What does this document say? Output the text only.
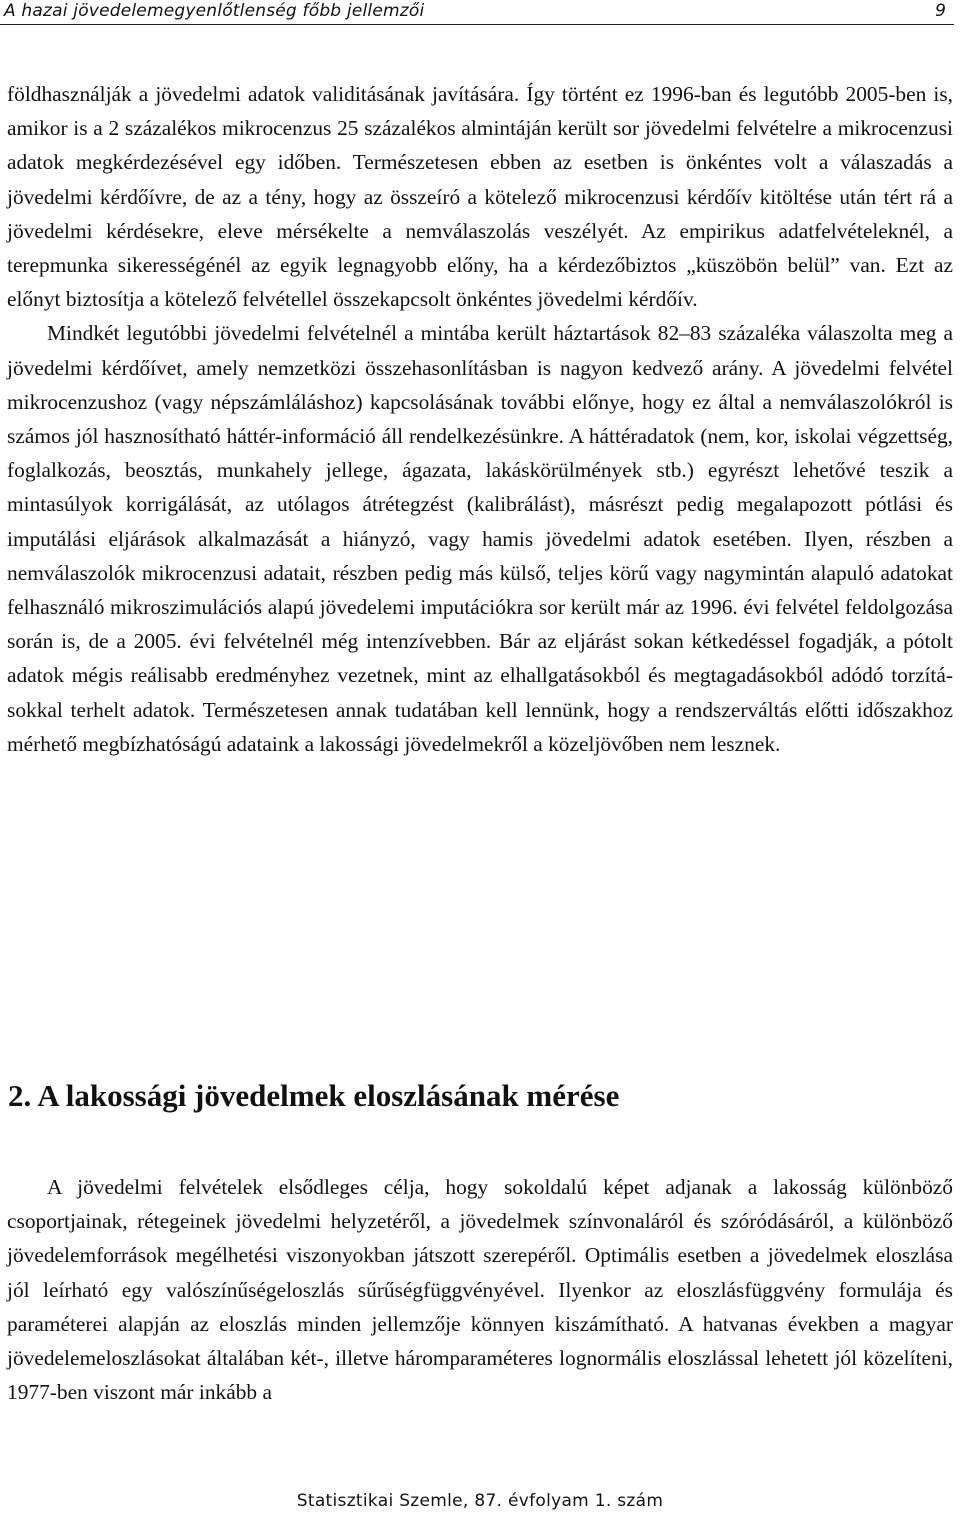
A hazai jövedelemegyenlőtlenség főbb jellemzői	9

földhasználják a jövedelmi adatok validitásának javítására. Így történt ez 1996-ban és legutóbb 2005-ben is, amikor is a 2 százalékos mikrocenzus 25 százalékos almintáján került sor jövedelmi felvételre a mikrocenzusi adatok megkérdezésével egy időben. Természetesen ebben az esetben is önkéntes volt a válaszadás a jövedelmi kérdőívre, de az a tény, hogy az összeíró a kötelező mikrocenzusi kérdőív kitöltése után tért rá a jövedelmi kérdésekre, eleve mérsékelte a nemválaszolás veszélyét. Az empirikus adatfelvételeknél, a terepmunka sikerességénél az egyik legnagyobb előny, ha a kérdezőbiztos „küszöbön belül” van. Ezt az előnyt biztosítja a kötelező felvétellel összekapcsolt önkéntes jövedelmi kérdőív.

Mindkét legutóbbi jövedelmi felvételnél a mintába került háztartások 82–83 százaléka válaszolta meg a jövedelmi kérdőívet, amely nemzetközi összehasonlításban is nagyon kedvező arány. A jövedelmi felvétel mikrocenzushoz (vagy népszámláláshoz) kapcsolásának további előnye, hogy ez által a nemválaszolókról is számos jól hasznosítható háttér-információ áll rendelkezésünkre. A háttéradatok (nem, kor, iskolai végzettség, foglalkozás, beosztás, munkahely jellege, ágazata, lakáskörülmények stb.) egyrészt lehetővé teszik a mintasúlyok korrigálását, az utólagos átrétegzést (kalibrálást), másrészt pedig megalapozott pótlási és imputálási eljárások alkalmazását a hiányzó, vagy hamis jövedelmi adatok esetében. Ilyen, részben a nemválaszolók mikrocenzusi adatait, részben pedig más külső, teljes körű vagy nagymintán alapuló adatokat felhasználó mikroszimulációs alapú jövedelemi imputációkra sor került már az 1996. évi felvétel feldolgozása során is, de a 2005. évi felvételnél még intenzívebben. Bár az eljárást sokan kétkedéssel fogadják, a pótolt adatok mégis reálisabb eredményhez vezetnek, mint az elhallgatásokból és megtagadásokból adódó torzításokkal terhelt adatok. Természetesen annak tudatában kell lennünk, hogy a rendszerváltás előtti időszakhoz mérhető megbízhatóságú adataink a lakossági jövedelmekről a közeljövőben nem lesznek.

2. A lakossági jövedelmek eloszlásának mérése

A jövedelmi felvételek elsődleges célja, hogy sokoldalú képet adjanak a lakosság különböző csoportjainak, rétegeinek jövedelmi helyzetéről, a jövedelmek színvonaláról és szóródásáról, a különböző jövedelemforrások megélhetési viszonyokban játszott szerepéről. Optimális esetben a jövedelmek eloszlása jól leírható egy valószínűségeloszlás sűrűségfüggvényével. Ilyenkor az eloszlásfüggvény formulája és paraméterei alapján az eloszlás minden jellemzője könnyen kiszámítható. A hatvanas években a magyar jövedelemeloszlásokat általában két-, illetve háromparaméteres lognormális eloszlással lehetett jól közelíteni, 1977-ben viszont már inkább a

Statisztikai Szemle, 87. évfolyam 1. szám
